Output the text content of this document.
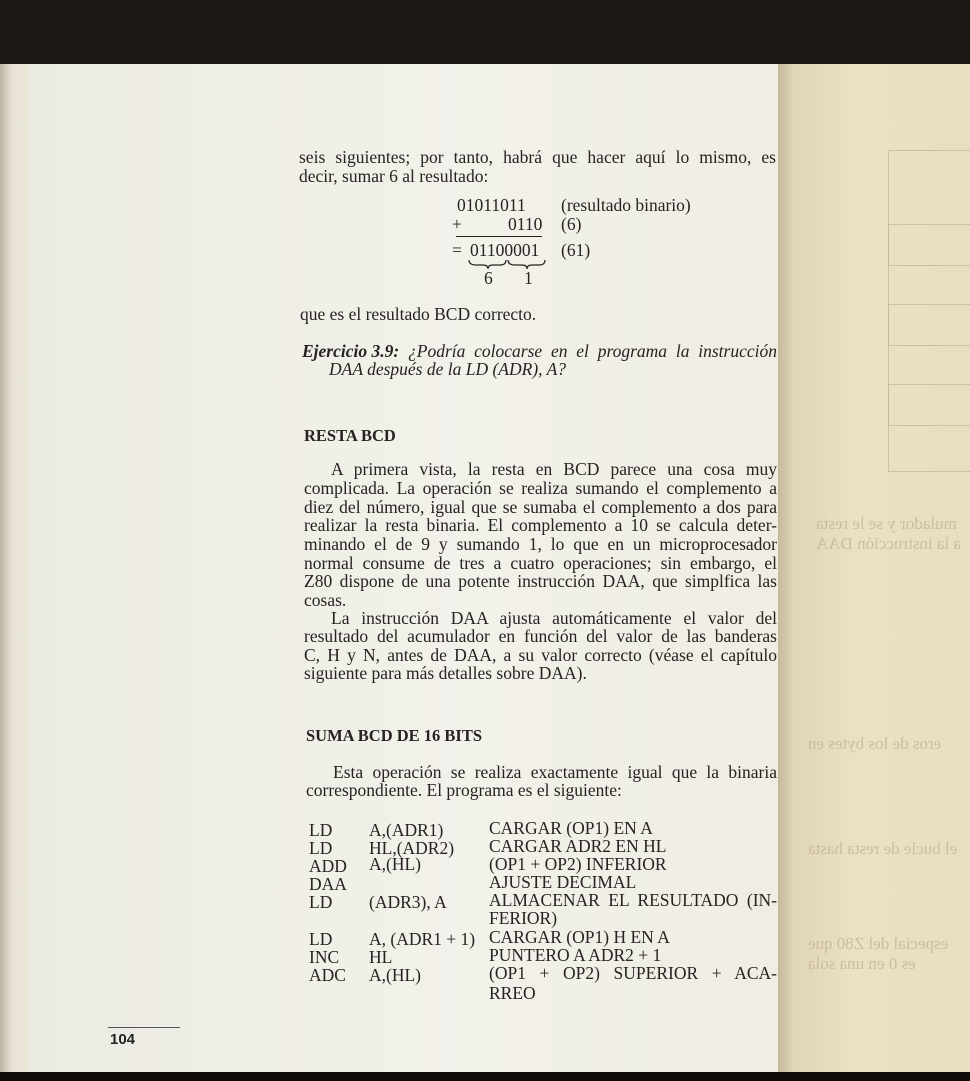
mulador y se le resta
a la instrucción DAA
eros de los bytes en
el bucle de resta hasta
especial del Z80 que
es 0 en una sola
seis siguientes; por tanto, habrá que hacer aquí lo mismo, es
decir, sumar 6 al resultado:
01011011 (resultado binario)
+	0110 (6)
= 01100001 (61)
6 1
que es el resultado BCD correcto.
Ejercicio 3.9: ¿Podría colocarse en el programa la instrucción
DAA después de la LD (ADR), A?
RESTA BCD
A primera vista, la resta en BCD parece una cosa muy
complicada. La operación se realiza sumando el complemento a
diez del número, igual que se sumaba el complemento a dos para
realizar la resta binaria. El complemento a 10 se calcula deter-
minando el de 9 y sumando 1, lo que en un microprocesador
normal consume de tres a cuatro operaciones; sin embargo, el
Z80 dispone de una potente instrucción DAA, que simplfica las
cosas.
La instrucción DAA ajusta automáticamente el valor del
resultado del acumulador en función del valor de las banderas
C, H y N, antes de DAA, a su valor correcto (véase el capítulo
siguiente para más detalles sobre DAA).
SUMA BCD DE 16 BITS
Esta operación se realiza exactamente igual que la binaria
correspondiente. El programa es el siguiente:
LD A,(ADR1)	CARGAR (OP1) EN A
LD HL,(ADR2) CARGAR ADR2 EN HL
ADD A,(HL)	(OP1 + OP2) INFERIOR
DAA	AJUSTE DECIMAL
LD (ADR3), A ALMACENAR EL RESULTADO (IN-
FERIOR)
LD A, (ADR1 + 1) CARGAR (OP1) H EN A
INC HL	PUNTERO A ADR2 + 1
ADC A,(HL)	(OP1 + OP2) SUPERIOR + ACA-
RREO
104
